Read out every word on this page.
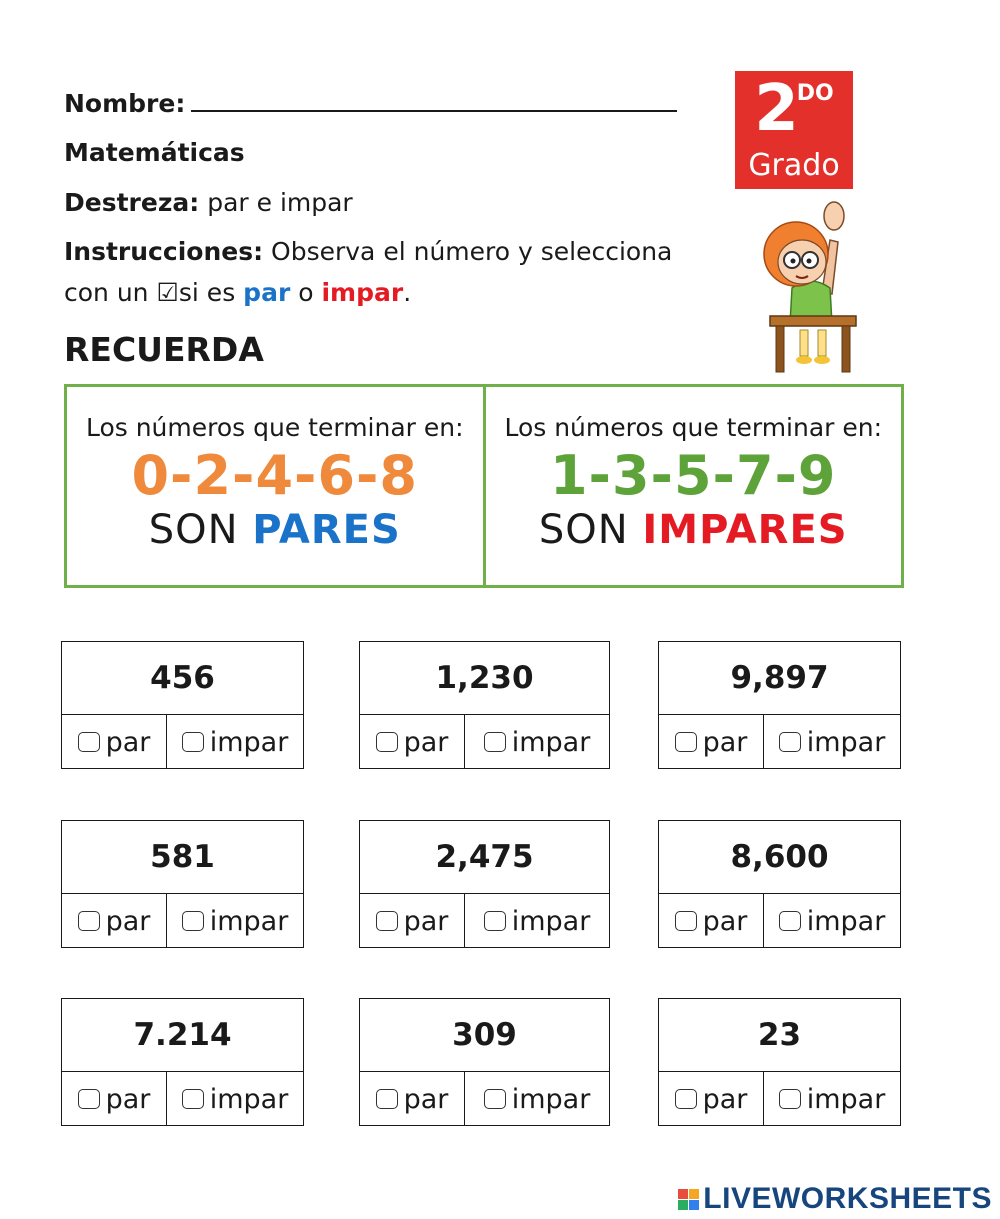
Nombre:
Matemáticas
Destreza: par e impar
Instrucciones: Observa el número y selecciona
con un ☑si es par o impar.
$2^{DO}$
Grado
RECUERDA
Los números que terminar en:
0-2-4-6-8
SON PARES
Los números que terminar en:
1-3-5-7-9
SON IMPARES
456
par impar
1,230
par impar
9,897
par impar
581
par impar
2,475
par impar
8,600
par impar
7.214
par impar
309
par impar
23
par impar
LIVEWORKSHEETS
